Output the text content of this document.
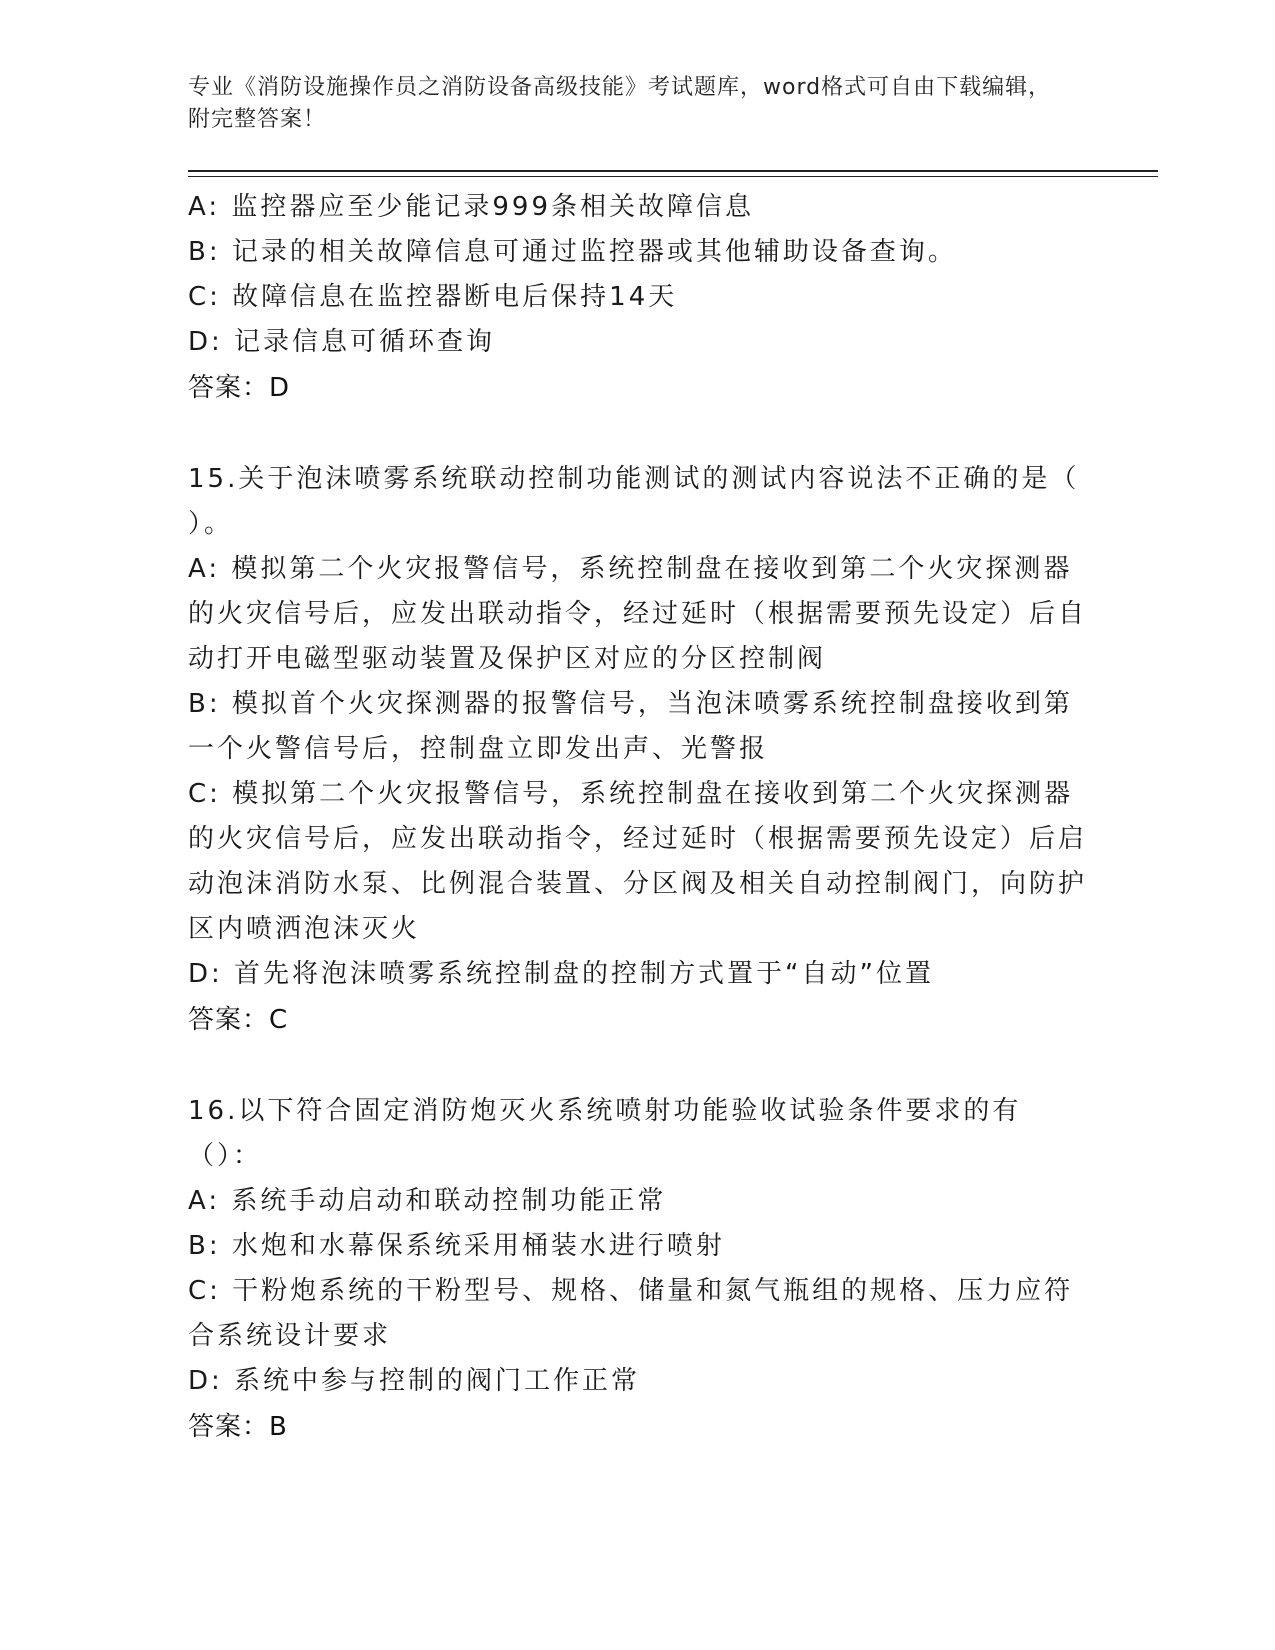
专业《消防设施操作员之消防设备高级技能》考试题库，word格式可自由下载编辑，附完整答案！
A: 监控器应至少能记录999条相关故障信息
B: 记录的相关故障信息可通过监控器或其他辅助设备查询。
C: 故障信息在监控器断电后保持14天
D: 记录信息可循环查询
答案：D
15.关于泡沫喷雾系统联动控制功能测试的测试内容说法不正确的是（ ）。
A: 模拟第二个火灾报警信号，系统控制盘在接收到第二个火灾探测器的火灾信号后，应发出联动指令，经过延时（根据需要预先设定）后自动打开电磁型驱动装置及保护区对应的分区控制阀
B: 模拟首个火灾探测器的报警信号，当泡沫喷雾系统控制盘接收到第一个火警信号后，控制盘立即发出声、光警报
C: 模拟第二个火灾报警信号，系统控制盘在接收到第二个火灾探测器的火灾信号后，应发出联动指令，经过延时（根据需要预先设定）后启动泡沫消防水泵、比例混合装置、分区阀及相关自动控制阀门，向防护区内喷洒泡沫灭火
D: 首先将泡沫喷雾系统控制盘的控制方式置于“自动”位置
答案：C
16.以下符合固定消防炮灭火系统喷射功能验收试验条件要求的有（）：
A: 系统手动启动和联动控制功能正常
B: 水炮和水幕保系统采用桶装水进行喷射
C: 干粉炮系统的干粉型号、规格、储量和氮气瓶组的规格、压力应符合系统设计要求
D: 系统中参与控制的阀门工作正常
答案：B
